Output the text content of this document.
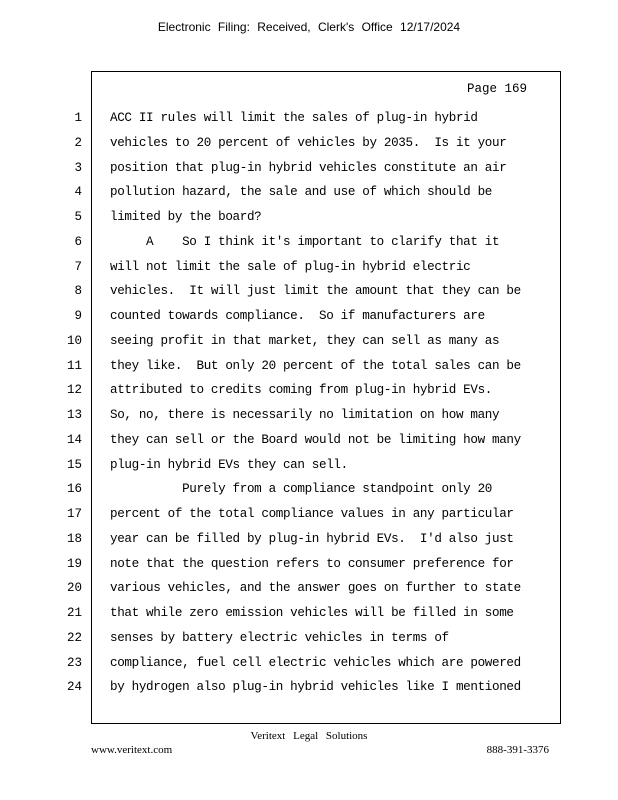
Electronic Filing: Received, Clerk's Office 12/17/2024
Page 169
1 ACC II rules will limit the sales of plug-in hybrid
2 vehicles to 20 percent of vehicles by 2035.  Is it your
3 position that plug-in hybrid vehicles constitute an air
4 pollution hazard, the sale and use of which should be
5 limited by the board?
6 A    So I think it's important to clarify that it
7 will not limit the sale of plug-in hybrid electric
8 vehicles.  It will just limit the amount that they can be
9 counted towards compliance.  So if manufacturers are
10 seeing profit in that market, they can sell as many as
11 they like.  But only 20 percent of the total sales can be
12 attributed to credits coming from plug-in hybrid EVs.
13 So, no, there is necessarily no limitation on how many
14 they can sell or the Board would not be limiting how many
15 plug-in hybrid EVs they can sell.
16 Purely from a compliance standpoint only 20
17 percent of the total compliance values in any particular
18 year can be filled by plug-in hybrid EVs.  I'd also just
19 note that the question refers to consumer preference for
20 various vehicles, and the answer goes on further to state
21 that while zero emission vehicles will be filled in some
22 senses by battery electric vehicles in terms of
23 compliance, fuel cell electric vehicles which are powered
24 by hydrogen also plug-in hybrid vehicles like I mentioned
Veritext Legal Solutions
www.veritext.com	888-391-3376
